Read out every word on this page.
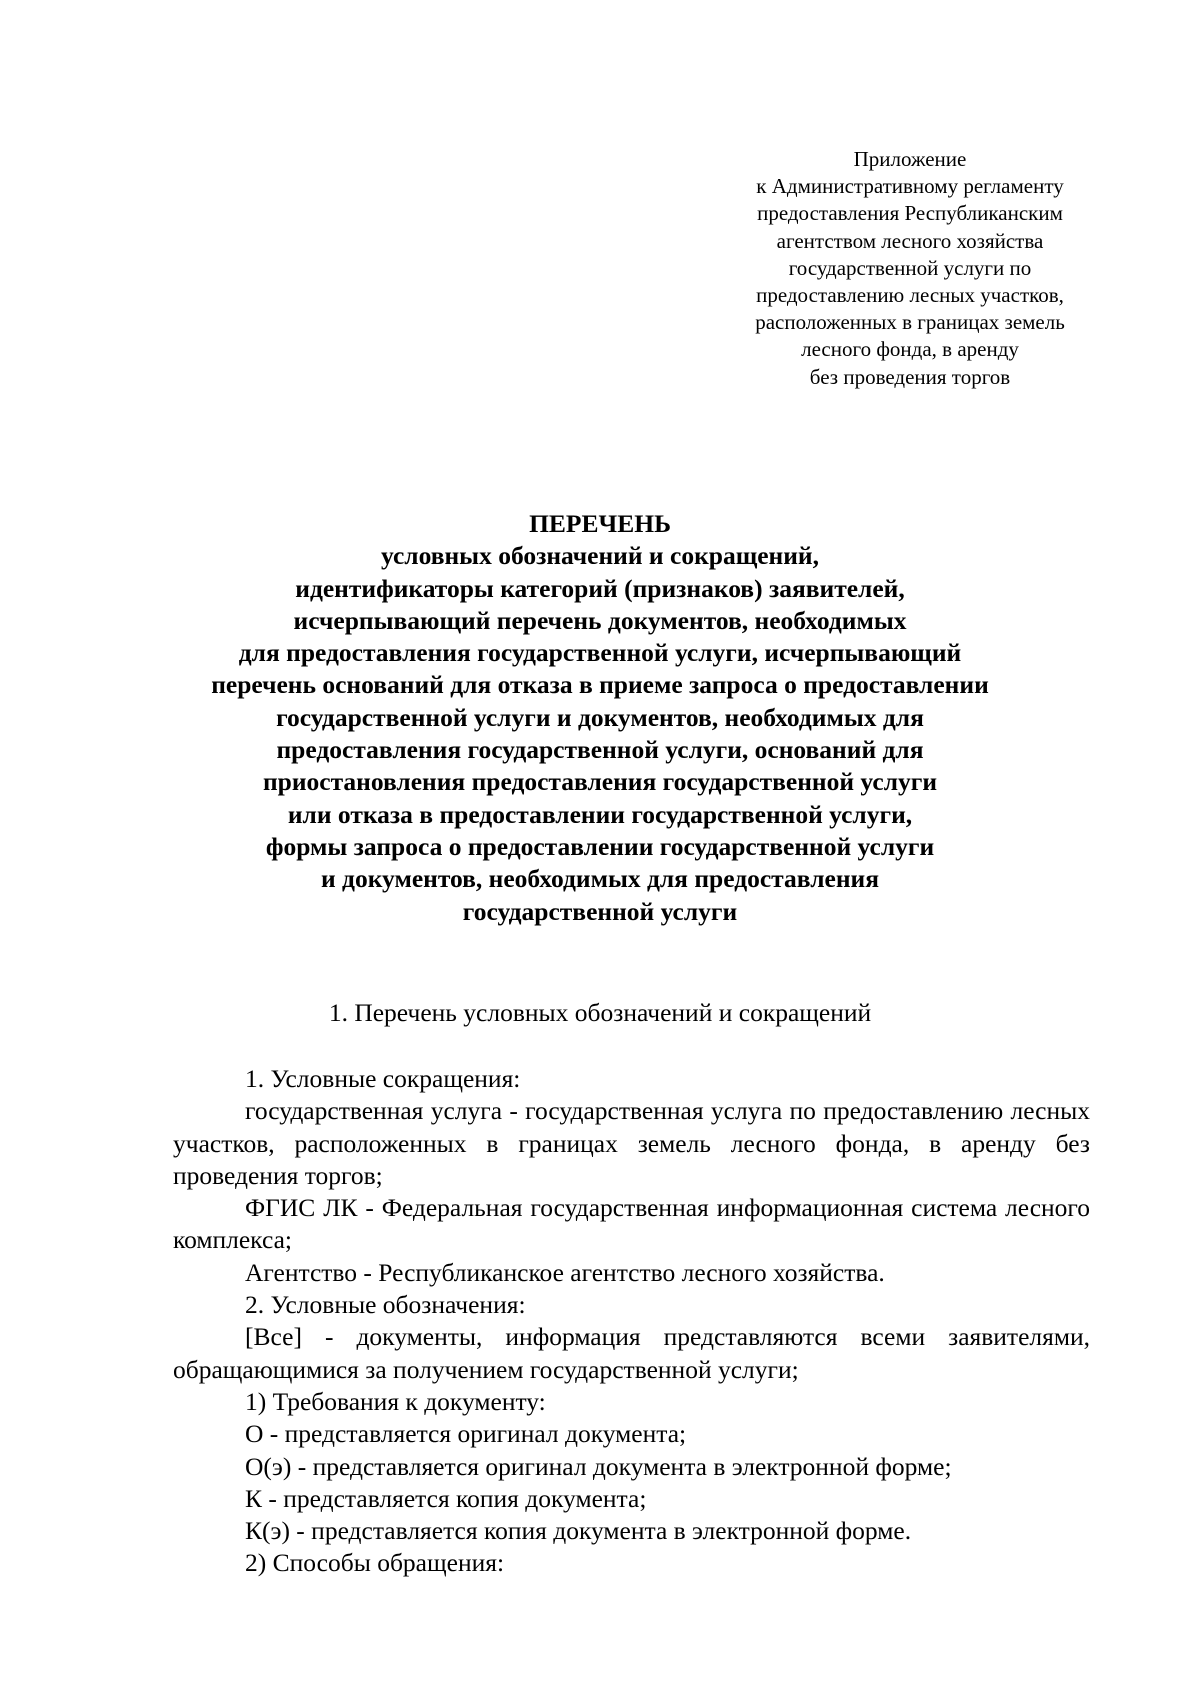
Приложение
к Административному регламенту
предоставления Республиканским
агентством лесного хозяйства
государственной услуги по
предоставлению лесных участков,
расположенных в границах земель
лесного фонда, в аренду
без проведения торгов
ПЕРЕЧЕНЬ
условных обозначений и сокращений,
идентификаторы категорий (признаков) заявителей,
исчерпывающий перечень документов, необходимых
для предоставления государственной услуги, исчерпывающий
перечень оснований для отказа в приеме запроса о предоставлении
государственной услуги и документов, необходимых для
предоставления государственной услуги, оснований для
приостановления предоставления государственной услуги
или отказа в предоставлении государственной услуги,
формы запроса о предоставлении государственной услуги
и документов, необходимых для предоставления
государственной услуги
1. Перечень условных обозначений и сокращений

1. Условные сокращения:

государственная услуга - государственная услуга по предоставлению лесных участков, расположенных в границах земель лесного фонда, в аренду без проведения торгов;

ФГИС ЛК - Федеральная государственная информационная система лесного комплекса;

Агентство - Республиканское агентство лесного хозяйства.

2. Условные обозначения:

[Все] - документы, информация представляются всеми заявителями, обращающимися за получением государственной услуги;

1) Требования к документу:

О - представляется оригинал документа;

О(э) - представляется оригинал документа в электронной форме;

К - представляется копия документа;

К(э) - представляется копия документа в электронной форме.

2) Способы обращения:
